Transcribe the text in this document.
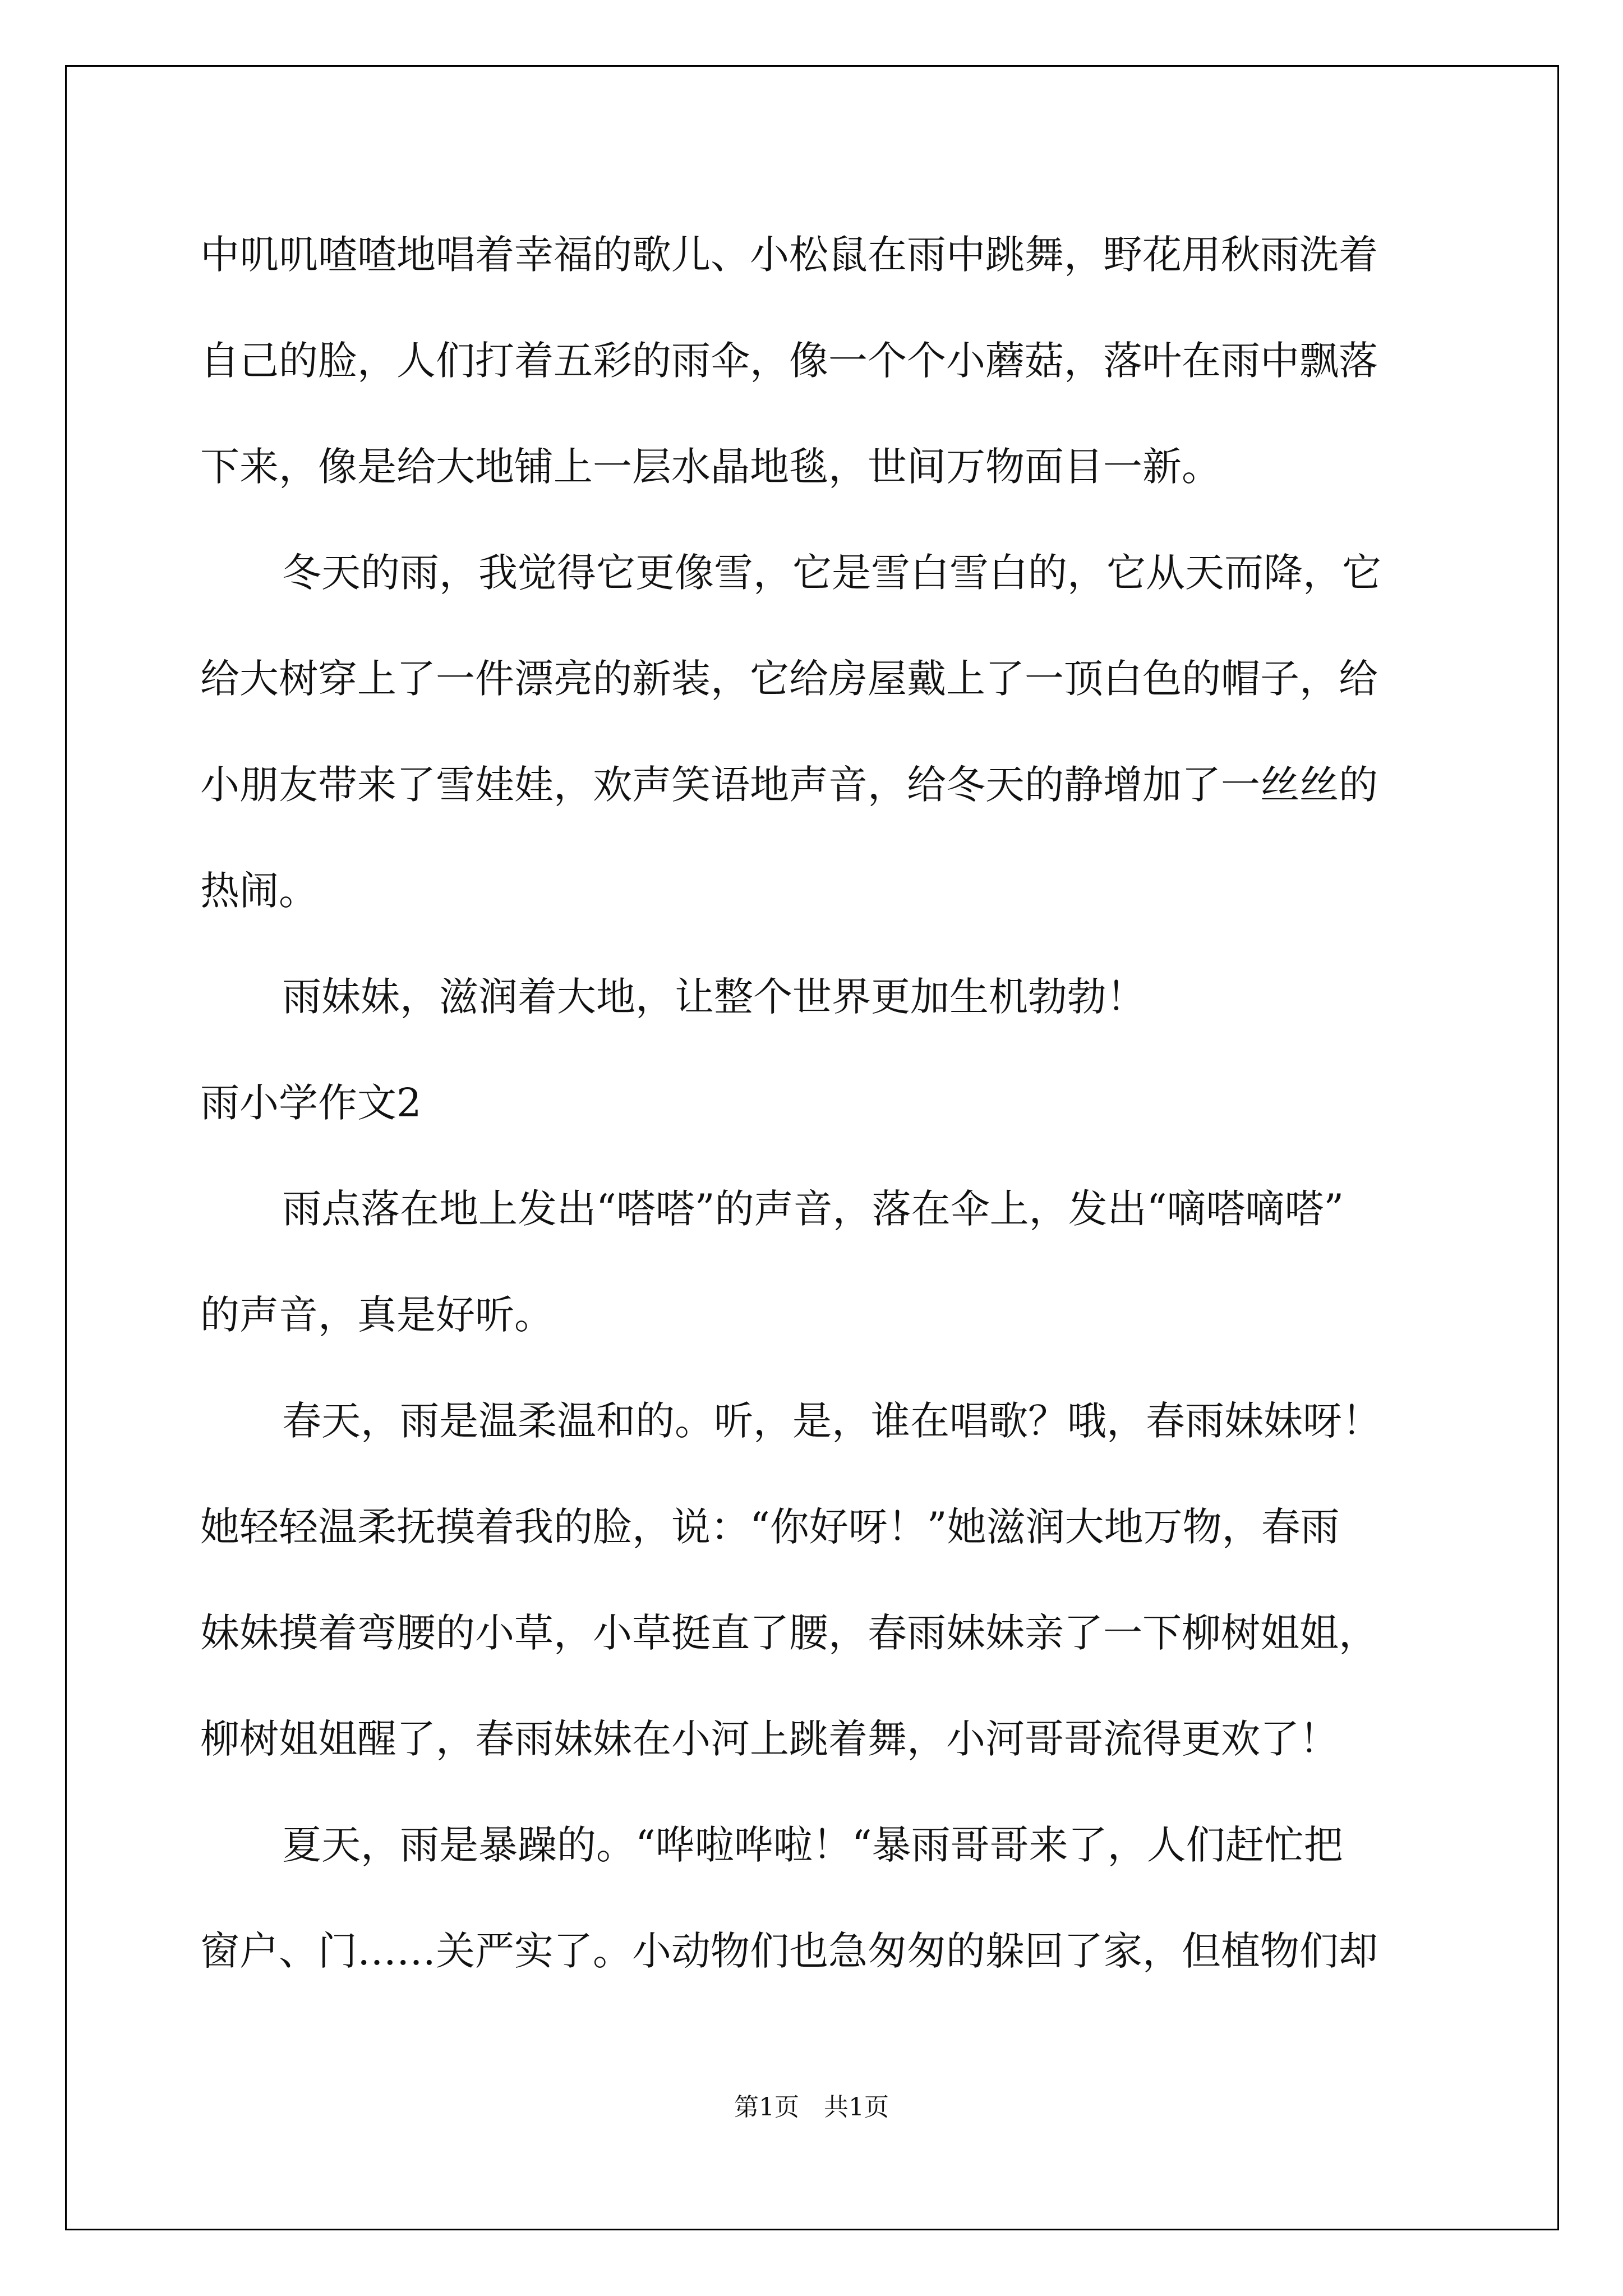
中叽叽喳喳地唱着幸福的歌儿、小松鼠在雨中跳舞，野花用秋雨洗着
自己的脸，人们打着五彩的雨伞，像一个个小蘑菇，落叶在雨中飘落
下来，像是给大地铺上一层水晶地毯，世间万物面目一新。
冬天的雨，我觉得它更像雪，它是雪白雪白的，它从天而降，它
给大树穿上了一件漂亮的新装，它给房屋戴上了一顶白色的帽子，给
小朋友带来了雪娃娃，欢声笑语地声音，给冬天的静增加了一丝丝的
热闹。
雨妹妹，滋润着大地，让整个世界更加生机勃勃！
雨小学作文2
雨点落在地上发出“嗒嗒”的声音，落在伞上，发出“嘀嗒嘀嗒”
的声音，真是好听。
春天，雨是温柔温和的。听，是，谁在唱歌？哦，春雨妹妹呀！
她轻轻温柔抚摸着我的脸，说：“你好呀！”她滋润大地万物，春雨
妹妹摸着弯腰的小草，小草挺直了腰，春雨妹妹亲了一下柳树姐姐，
柳树姐姐醒了，春雨妹妹在小河上跳着舞，小河哥哥流得更欢了！
夏天，雨是暴躁的。“哗啦哗啦！“暴雨哥哥来了，人们赶忙把
窗户、门……关严实了。小动物们也急匆匆的躲回了家，但植物们却
第1页　共1页
